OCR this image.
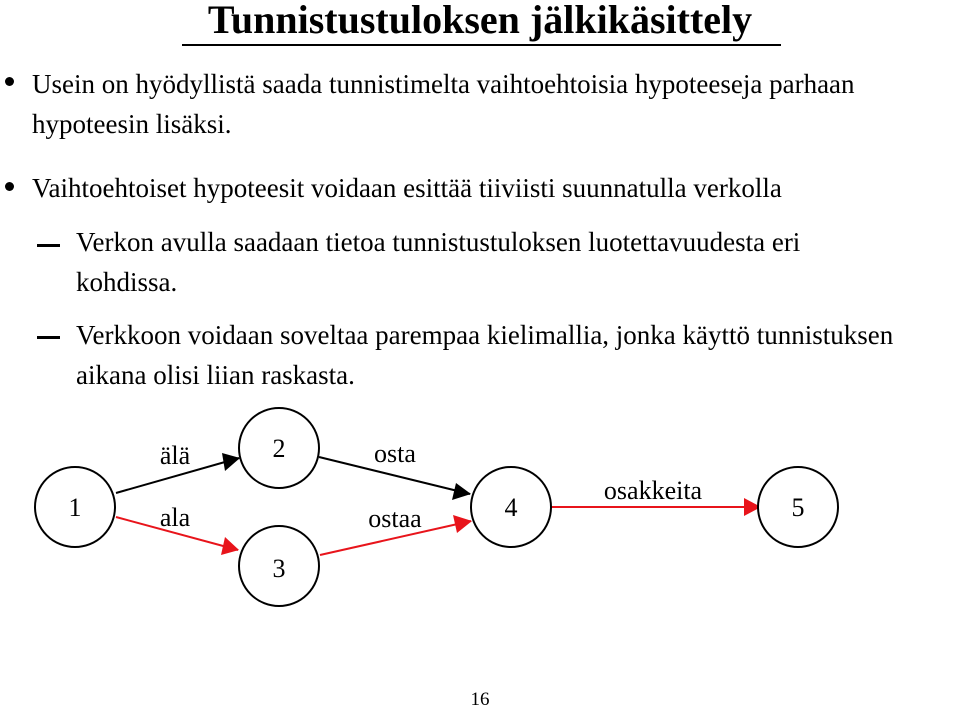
Tunnistustuloksen jälkikäsittely

Usein on hyödyllistä saada tunnistimelta vaihtoehtoisia hypoteeseja parhaan hypoteesin lisäksi.

Vaihtoehtoiset hypoteesit voidaan esittää tiiviisti suunnatulla verkolla

Verkon avulla saadaan tietoa tunnistustuloksen luotettavuudesta eri kohdissa.

Verkkoon voidaan soveltaa parempaa kielimallia, jonka käyttö tunnistuksen aikana olisi liian raskasta.

älä
ala
osta
ostaa
osakkeita
1
2
3
4	5
16
